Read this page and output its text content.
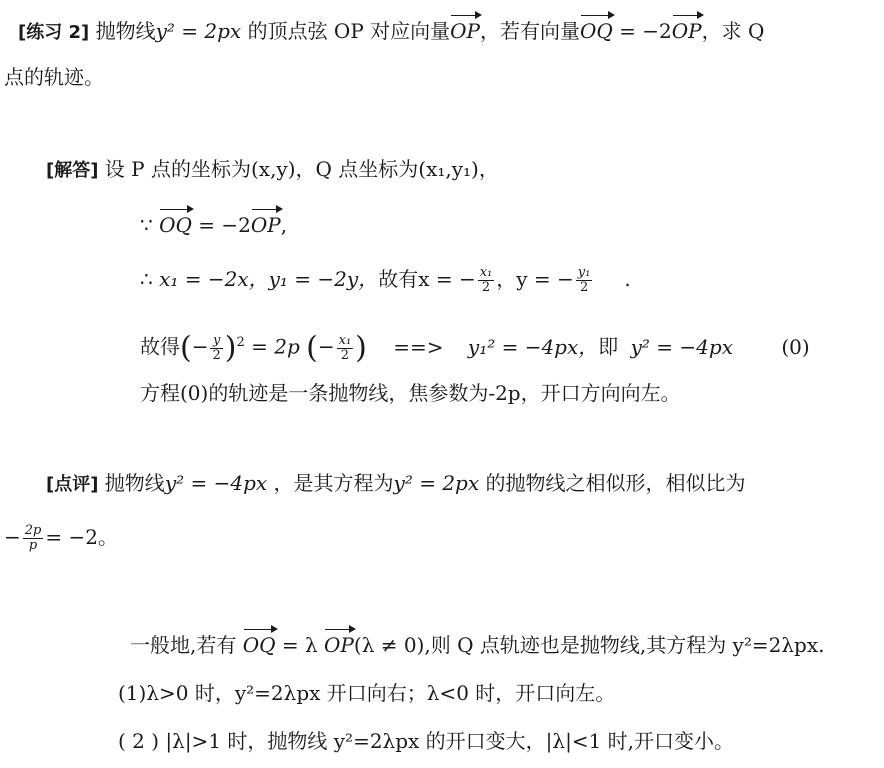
[练习 2] 抛物线y² = 2px 的顶点弦 OP 对应向量OP，若有向量OQ = −2OP，求 Q
点的轨迹。
[解答] 设 P 点的坐标为(x,y)，Q 点坐标为(x₁,y₁)，
∵ OQ = −2OP,
∴ x₁ = −2x，y₁ = −2y，故有x = − $\frac{\text{x₁}}{2}$ ，y = − $\frac{\text{y₁}}{2}$ .
故得(− $\frac{y}{2} )^2 = 2p$ (− $\frac{\text{x₁}}{2}$ ) ==> y₁² = −4px，即 y² = −4px (0)
方程(0)的轨迹是一条抛物线，焦参数为-2p，开口方向向左。
[点评] 抛物线y² = −4px ，是其方程为y² = 2px 的抛物线之相似形，相似比为
− $\frac{2p}{p} = -2$。
一般地,若有 OQ = λ OP(λ ≠ 0),则 Q 点轨迹也是抛物线,其方程为 y²=2λpx.
(1)λ>0 时，y²=2λpx 开口向右；λ<0 时，开口向左。
( 2 ) |λ|>1 时，抛物线 y²=2λpx 的开口变大，|λ|<1 时,开口变小。
